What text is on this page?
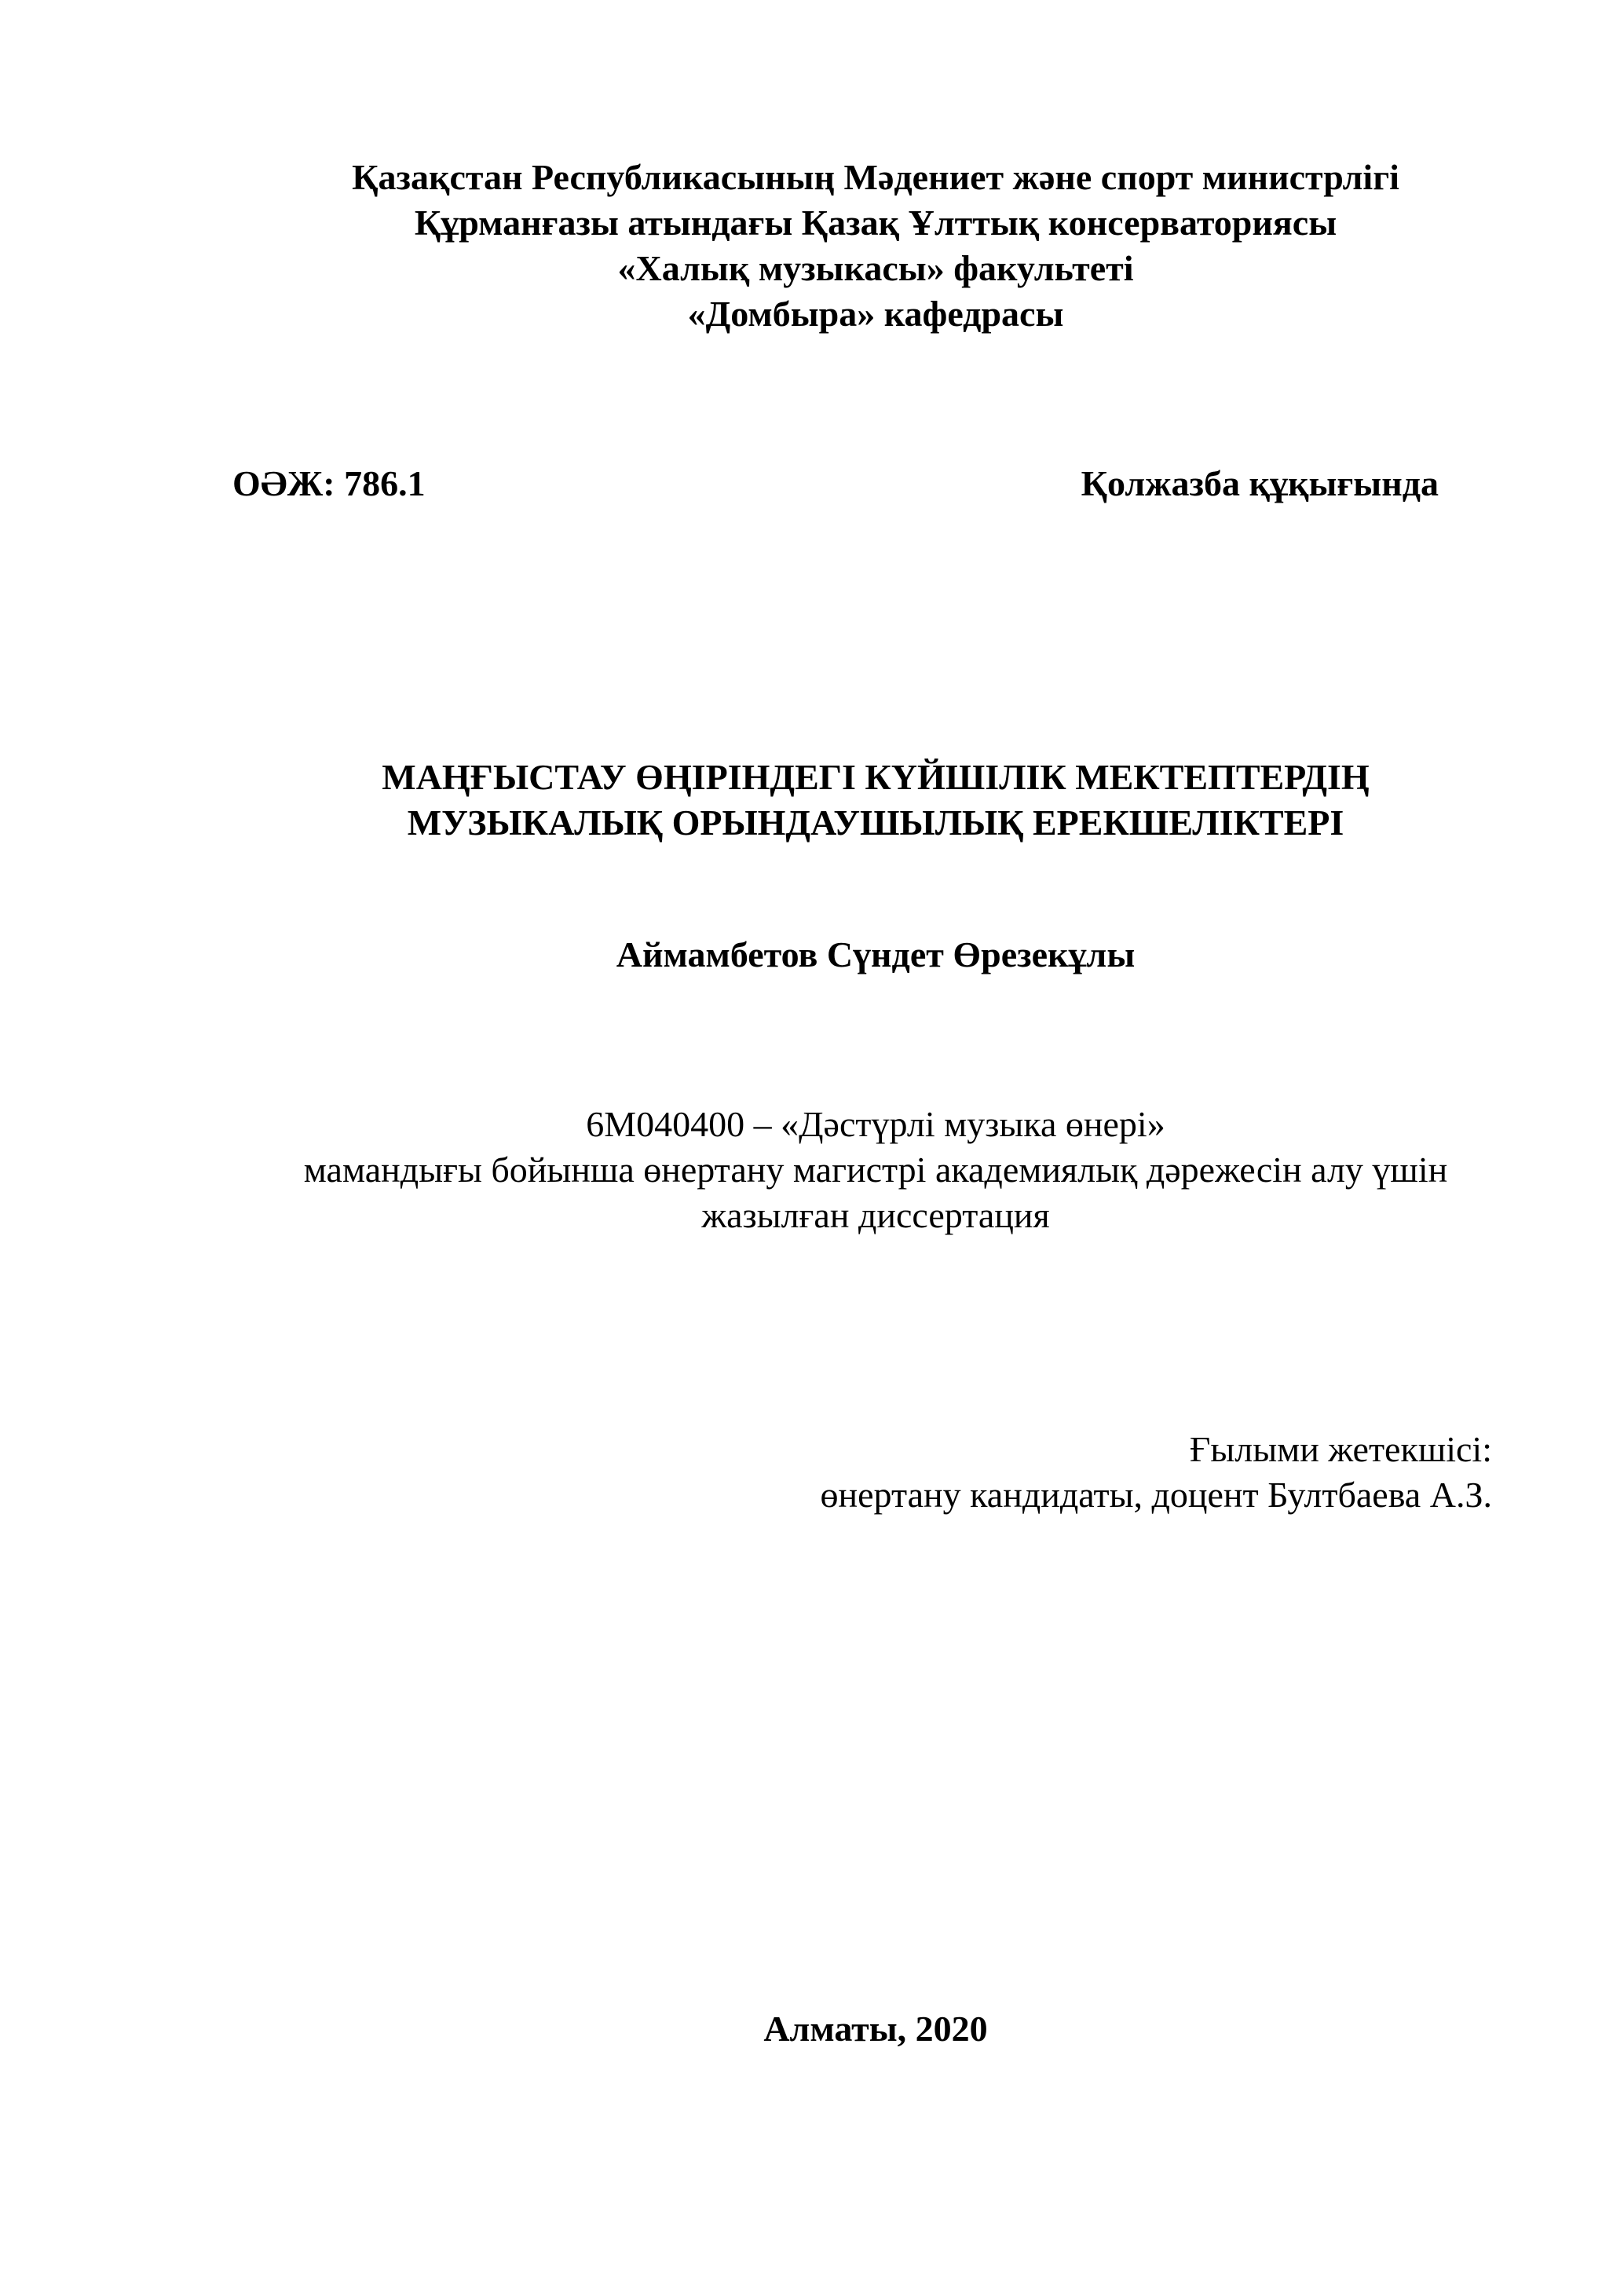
Қазақстан Республикасының Мәдениет және спорт министрлігі
Құрманғазы атындағы Қазақ Ұлттық консерваториясы
«Халық музыкасы» факультеті
«Домбыра» кафедрасы
ОӘЖ: 786.1	Қолжазба құқығында
МАҢҒЫСТАУ ӨҢІРІНДЕГІ КҮЙШІЛІК МЕКТЕПТЕРДІҢ
МУЗЫКАЛЫҚ ОРЫНДАУШЫЛЫҚ ЕРЕКШЕЛІКТЕРІ
Аймамбетов Сүндет Өрезекұлы
6М040400 – «Дәстүрлі музыка өнері»
мамандығы бойынша өнертану магистрі академиялық дәрежесін алу үшін
жазылған диссертация
Ғылыми жетекшісі:
өнертану кандидаты, доцент Бултбаева А.З.
Алматы, 2020
